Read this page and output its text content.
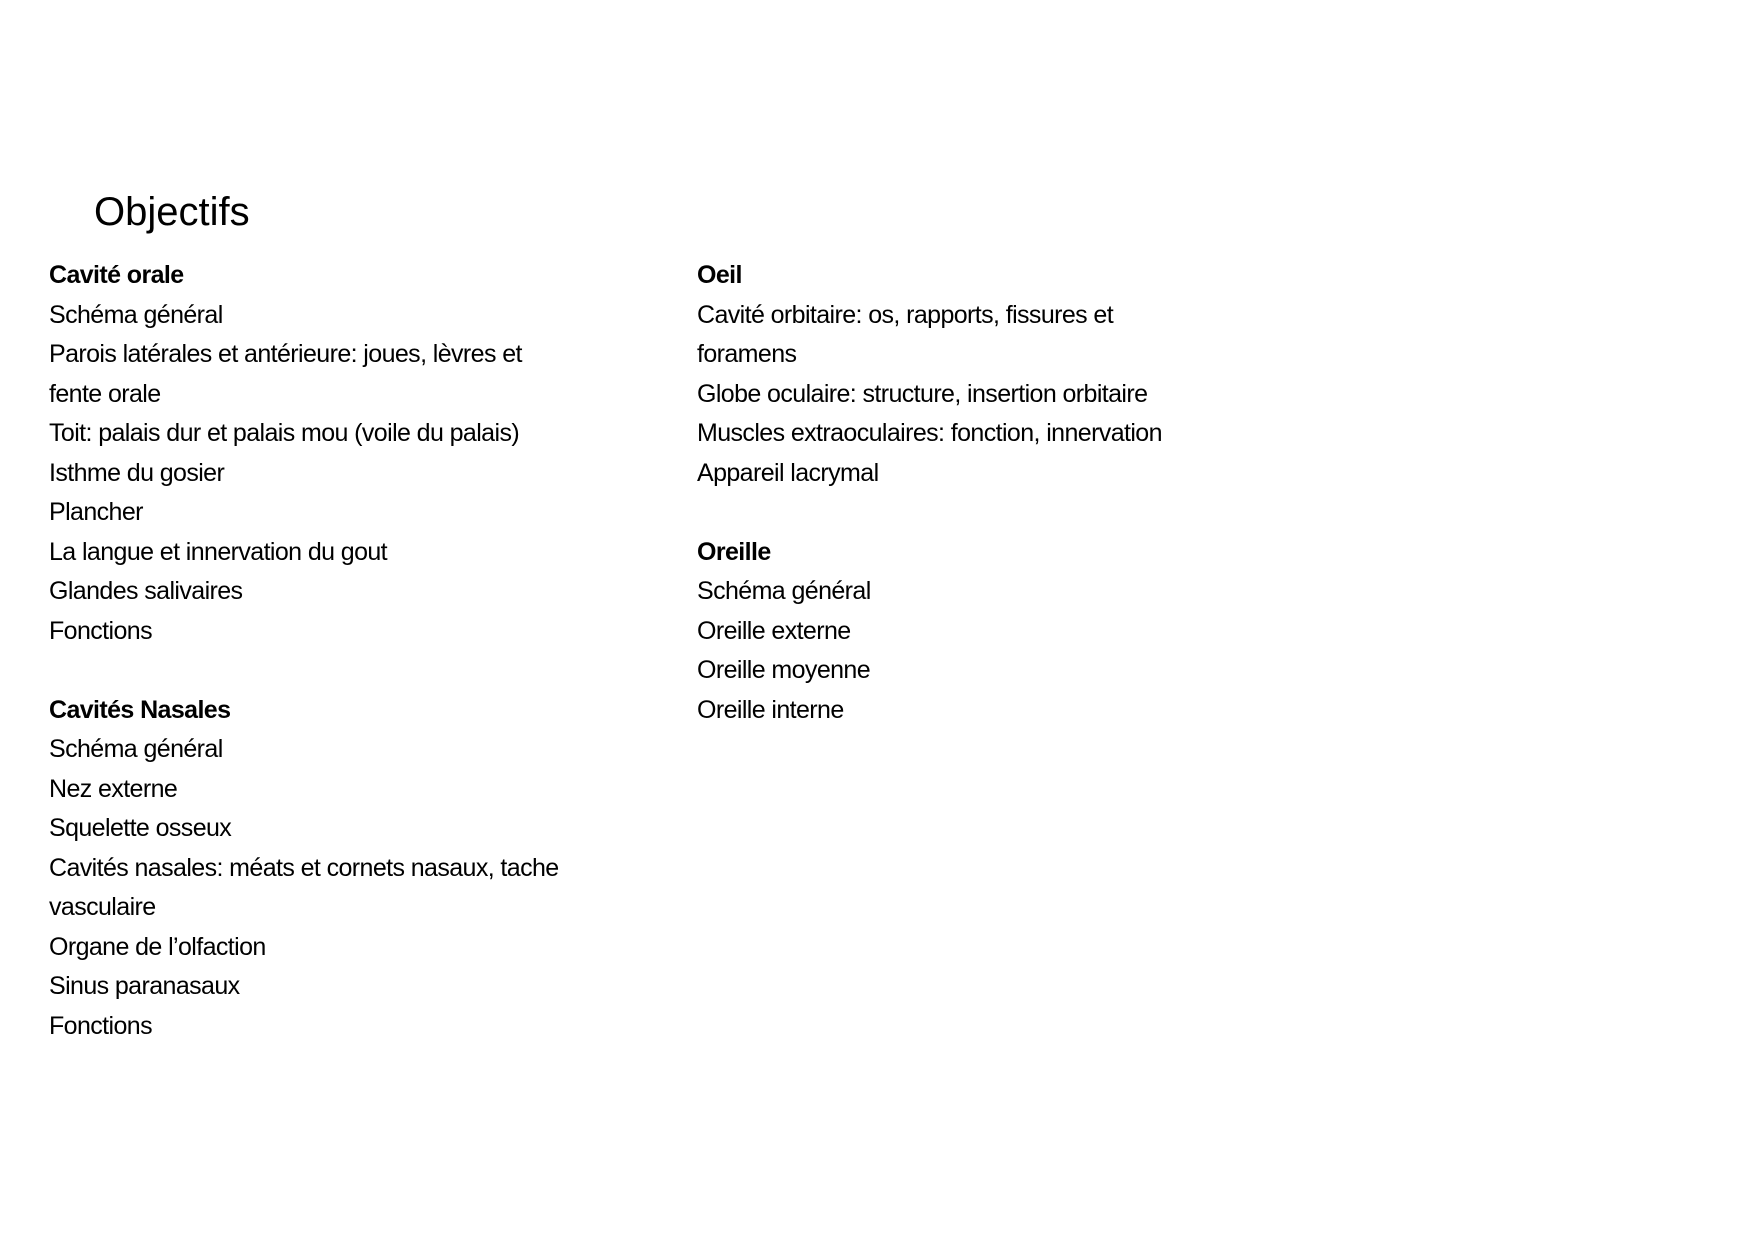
Objectifs
Cavité orale
Schéma général
Parois latérales et antérieure: joues, lèvres et
fente orale
Toit: palais dur et palais mou (voile du palais)
Isthme du gosier
Plancher
La langue et innervation du gout
Glandes salivaires
Fonctions
Cavités Nasales
Schéma général
Nez externe
Squelette osseux
Cavités nasales: méats et cornets nasaux, tache
vasculaire
Organe de l’olfaction
Sinus paranasaux
Fonctions
Oeil
Cavité orbitaire: os, rapports, fissures et
foramens
Globe oculaire: structure, insertion orbitaire
Muscles extraoculaires: fonction, innervation
Appareil lacrymal
Oreille
Schéma général
Oreille externe
Oreille moyenne
Oreille interne
